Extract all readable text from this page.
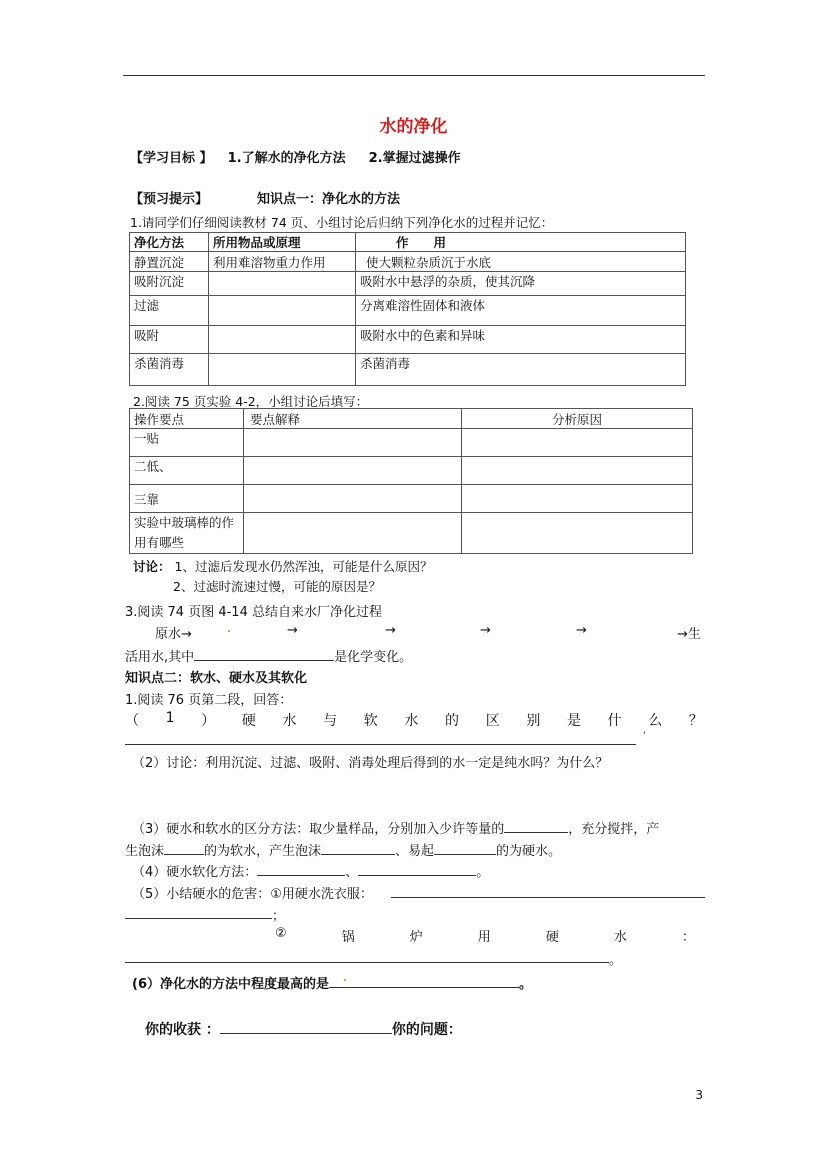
水的净化
【学习目标 】 1.了解水的净化方法 2.掌握过滤操作
【预习提示】	知识点一：净化水的方法
1.请同学们仔细阅读教材 74 页、小组讨论后归纳下列净化水的过程并记忆：
净化方法	所用物品或原理	作　　用
静置沉淀	利用难溶物重力作用	使大颗粒杂质沉于水底
吸附沉淀		吸附水中悬浮的杂质，使其沉降
过滤		分离难溶性固体和液体
吸附		吸附水中的色素和异味
杀菌消毒		杀菌消毒
2.阅读 75 页实验 4-2，小组讨论后填写：
操作要点	要点解释	分析原因
一贴		
二低、		
三靠		
实验中玻璃棒的作用有哪些		
讨论： 1、过滤后发现水仍然浑浊，可能是什么原因？
2、过滤时流速过慢，可能的原因是？
3.阅读 74 页图 4-14 总结自来水厂净化过程
原水→	.	→	→	→	→	→生
活用水,其中	是化学变化。
知识点二：软水、硬水及其软化
1.阅读 76 页第二段，回答：
（ 1 ） 硬 水 与 软 水 的 区 别 是 什 么 ？
‘
（2）讨论：利用沉淀、过滤、吸附、消毒处理后得到的水一定是纯水吗？为什么？
（3）硬水和软水的区分方法：取少量样品，分别加入少许等量的	，充分搅拌，产
生泡沫	的为软水，产生泡沫	、易起	的为硬水。
（4）硬水软化方法：	、	。
（5）小结硬水的危害：①用硬水洗衣服：
；
②	锅	炉	用	硬	水	：
。
(6）净化水的方法中程度最高的是 .	。
你的收获 ：	你的问题：
3
